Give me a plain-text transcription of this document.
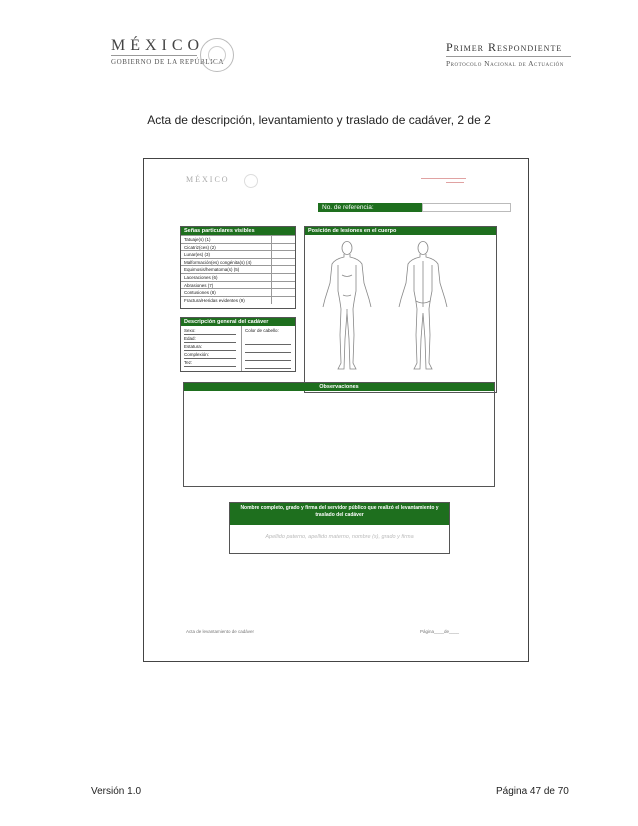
MÉXICO
GOBIERNO DE LA REPÚBLICA
Primer Respondiente
Protocolo Nacional de Actuación
Acta de descripción, levantamiento y traslado de cadáver, 2 de 2
MÉXICO	▬▬▬▬▬▬▬▬▬▬▬▬▬▬▬
▬▬▬▬▬▬
No. de referencia:
Señas particulares visibles
Tatuaje(s) (1)
Cicatriz(ces) (2)
Lunar(es) (3)
Malformación(es) congénita(s) (4)
Equimosis/hematoma(s) (5)
Laceraciones (6)
Abrasiones (7)
Contusiones (8)
Fractura/Heridas evidentes (9)
Descripción general del cadáver
Sexo:
Edad:
Estatura:
Complexión:
Tez:
Color de cabello:
Posición de lesiones en el cuerpo
Observaciones
Nombre completo, grado y firma del servidor público que realizó el levantamiento y traslado del cadáver
Apellido paterno, apellido materno, nombre (s), grado y firma
Acta de levantamiento de cadáver	Página____de____
Versión 1.0	Página 47 de 70
